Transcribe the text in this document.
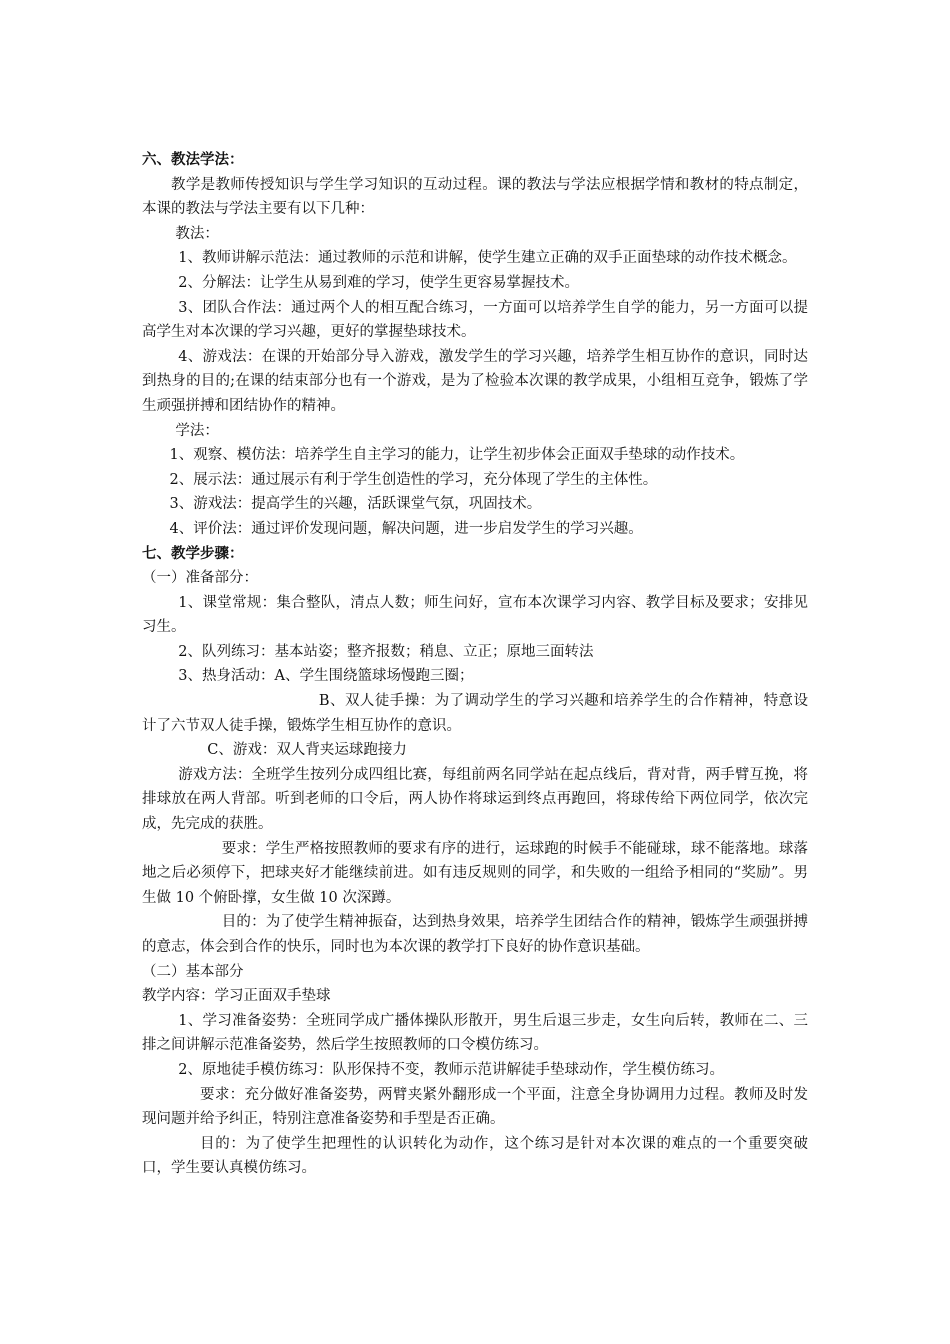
六、教法学法：

教学是教师传授知识与学生学习知识的互动过程。课的教法与学法应根据学情和教材的特点制定，本课的教法与学法主要有以下几种：

教法：

1、教师讲解示范法：通过教师的示范和讲解，使学生建立正确的双手正面垫球的动作技术概念。

2、分解法：让学生从易到难的学习，使学生更容易掌握技术。

3、团队合作法：通过两个人的相互配合练习，一方面可以培养学生自学的能力，另一方面可以提高学生对本次课的学习兴趣，更好的掌握垫球技术。

4、游戏法：在课的开始部分导入游戏，激发学生的学习兴趣，培养学生相互协作的意识，同时达到热身的目的;在课的结束部分也有一个游戏，是为了检验本次课的教学成果，小组相互竞争，锻炼了学生顽强拼搏和团结协作的精神。

学法：

1、观察、模仿法：培养学生自主学习的能力，让学生初步体会正面双手垫球的动作技术。

2、展示法：通过展示有利于学生创造性的学习，充分体现了学生的主体性。

3、游戏法：提高学生的兴趣，活跃课堂气氛，巩固技术。

4、评价法：通过评价发现问题，解决问题，进一步启发学生的学习兴趣。

七、教学步骤：

（一）准备部分：

1、课堂常规：集合整队，清点人数；师生问好，宣布本次课学习内容、教学目标及要求；安排见习生。

2、队列练习：基本站姿；整齐报数；稍息、立正；原地三面转法

3、热身活动：A、学生围绕篮球场慢跑三圈；

B、双人徒手操：为了调动学生的学习兴趣和培养学生的合作精神，特意设计了六节双人徒手操，锻炼学生相互协作的意识。

C、游戏：双人背夹运球跑接力

游戏方法：全班学生按列分成四组比赛，每组前两名同学站在起点线后，背对背，两手臂互挽，将排球放在两人背部。听到老师的口令后，两人协作将球运到终点再跑回，将球传给下两位同学，依次完成，先完成的获胜。

要求：学生严格按照教师的要求有序的进行，运球跑的时候手不能碰球，球不能落地。球落地之后必须停下，把球夹好才能继续前进。如有违反规则的同学，和失败的一组给予相同的“奖励”。男生做 10 个俯卧撑，女生做 10 次深蹲。

目的：为了使学生精神振奋，达到热身效果，培养学生团结合作的精神，锻炼学生顽强拼搏的意志，体会到合作的快乐，同时也为本次课的教学打下良好的协作意识基础。

（二）基本部分

教学内容：学习正面双手垫球

1、学习准备姿势：全班同学成广播体操队形散开，男生后退三步走，女生向后转，教师在二、三排之间讲解示范准备姿势，然后学生按照教师的口令模仿练习。

2、原地徒手模仿练习：队形保持不变，教师示范讲解徒手垫球动作，学生模仿练习。

要求：充分做好准备姿势，两臂夹紧外翻形成一个平面，注意全身协调用力过程。教师及时发现问题并给予纠正，特别注意准备姿势和手型是否正确。

目的：为了使学生把理性的认识转化为动作，这个练习是针对本次课的难点的一个重要突破口，学生要认真模仿练习。
